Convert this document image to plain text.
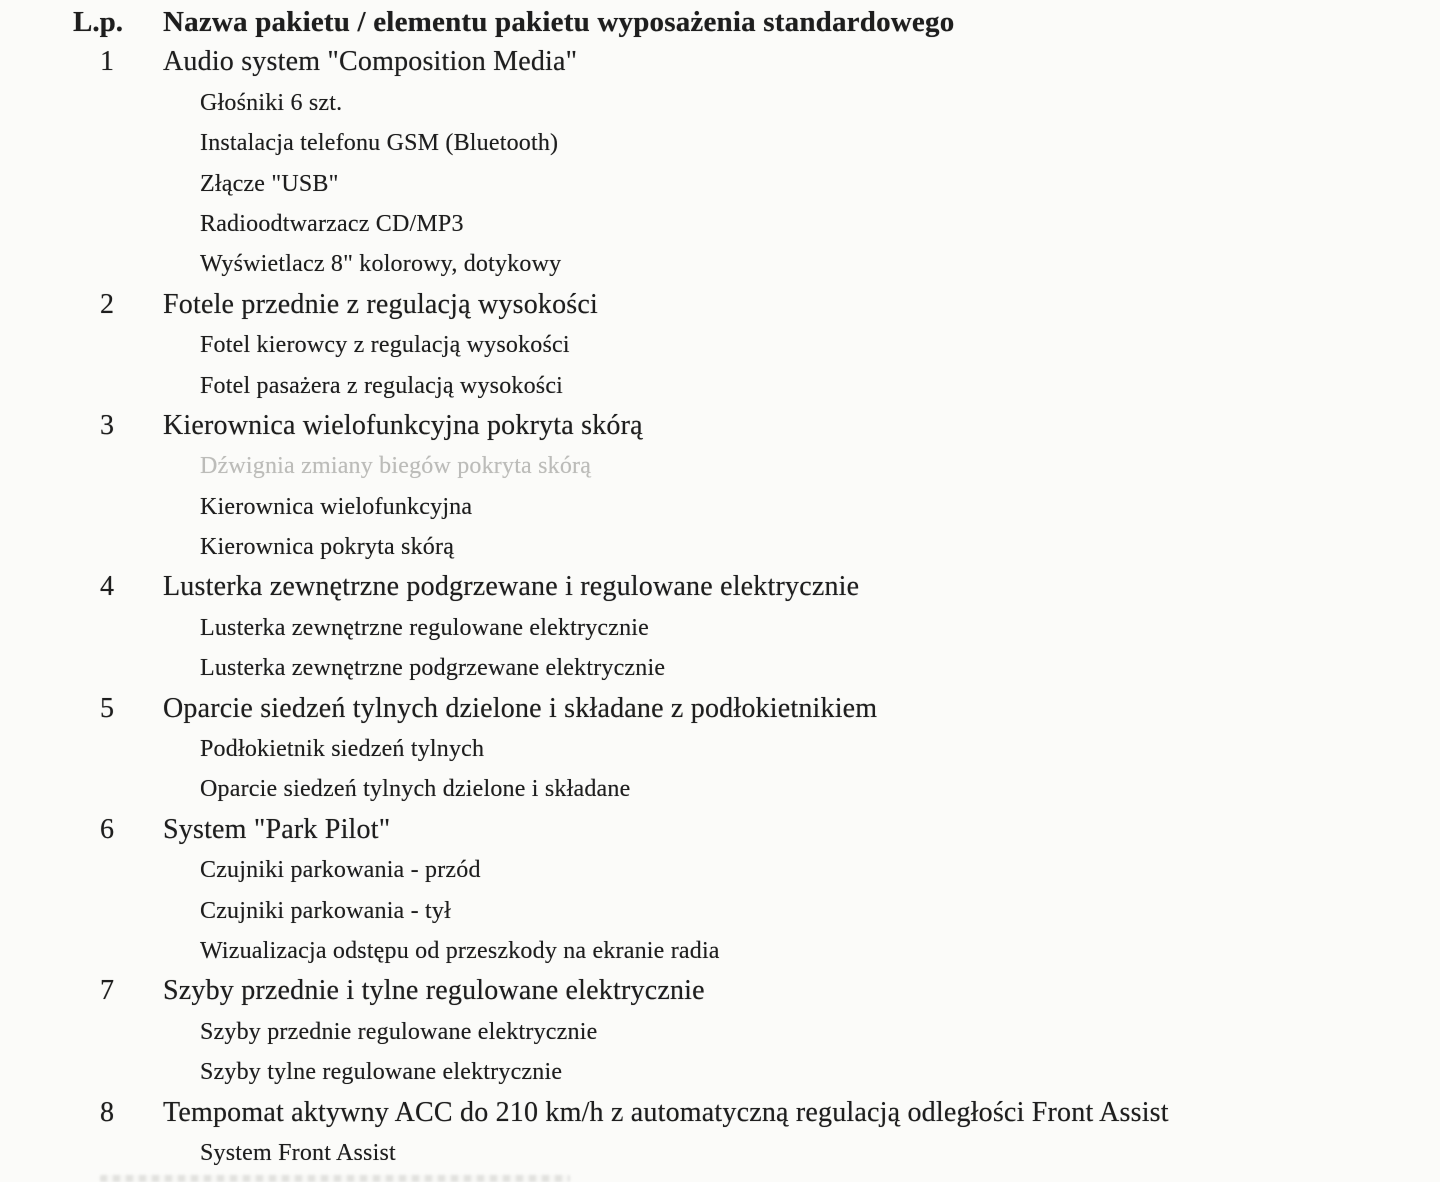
L.p.	Nazwa pakietu / elementu pakietu wyposażenia standardowego
1	Audio system "Composition Media"
Głośniki 6 szt.
Instalacja telefonu GSM (Bluetooth)
Złącze "USB"
Radioodtwarzacz CD/MP3
Wyświetlacz 8" kolorowy, dotykowy
2	Fotele przednie z regulacją wysokości
Fotel kierowcy z regulacją wysokości
Fotel pasażera z regulacją wysokości
3	Kierownica wielofunkcyjna pokryta skórą
Dźwignia zmiany biegów pokryta skórą
Kierownica wielofunkcyjna
Kierownica pokryta skórą
4	Lusterka zewnętrzne podgrzewane i regulowane elektrycznie
Lusterka zewnętrzne regulowane elektrycznie
Lusterka zewnętrzne podgrzewane elektrycznie
5	Oparcie siedzeń tylnych dzielone i składane z podłokietnikiem
Podłokietnik siedzeń tylnych
Oparcie siedzeń tylnych dzielone i składane
6	System "Park Pilot"
Czujniki parkowania - przód
Czujniki parkowania - tył
Wizualizacja odstępu od przeszkody na ekranie radia
7	Szyby przednie i tylne regulowane elektrycznie
Szyby przednie regulowane elektrycznie
Szyby tylne regulowane elektrycznie
8	Tempomat aktywny ACC do 210 km/h z automatyczną regulacją odległości Front Assist
System Front Assist
